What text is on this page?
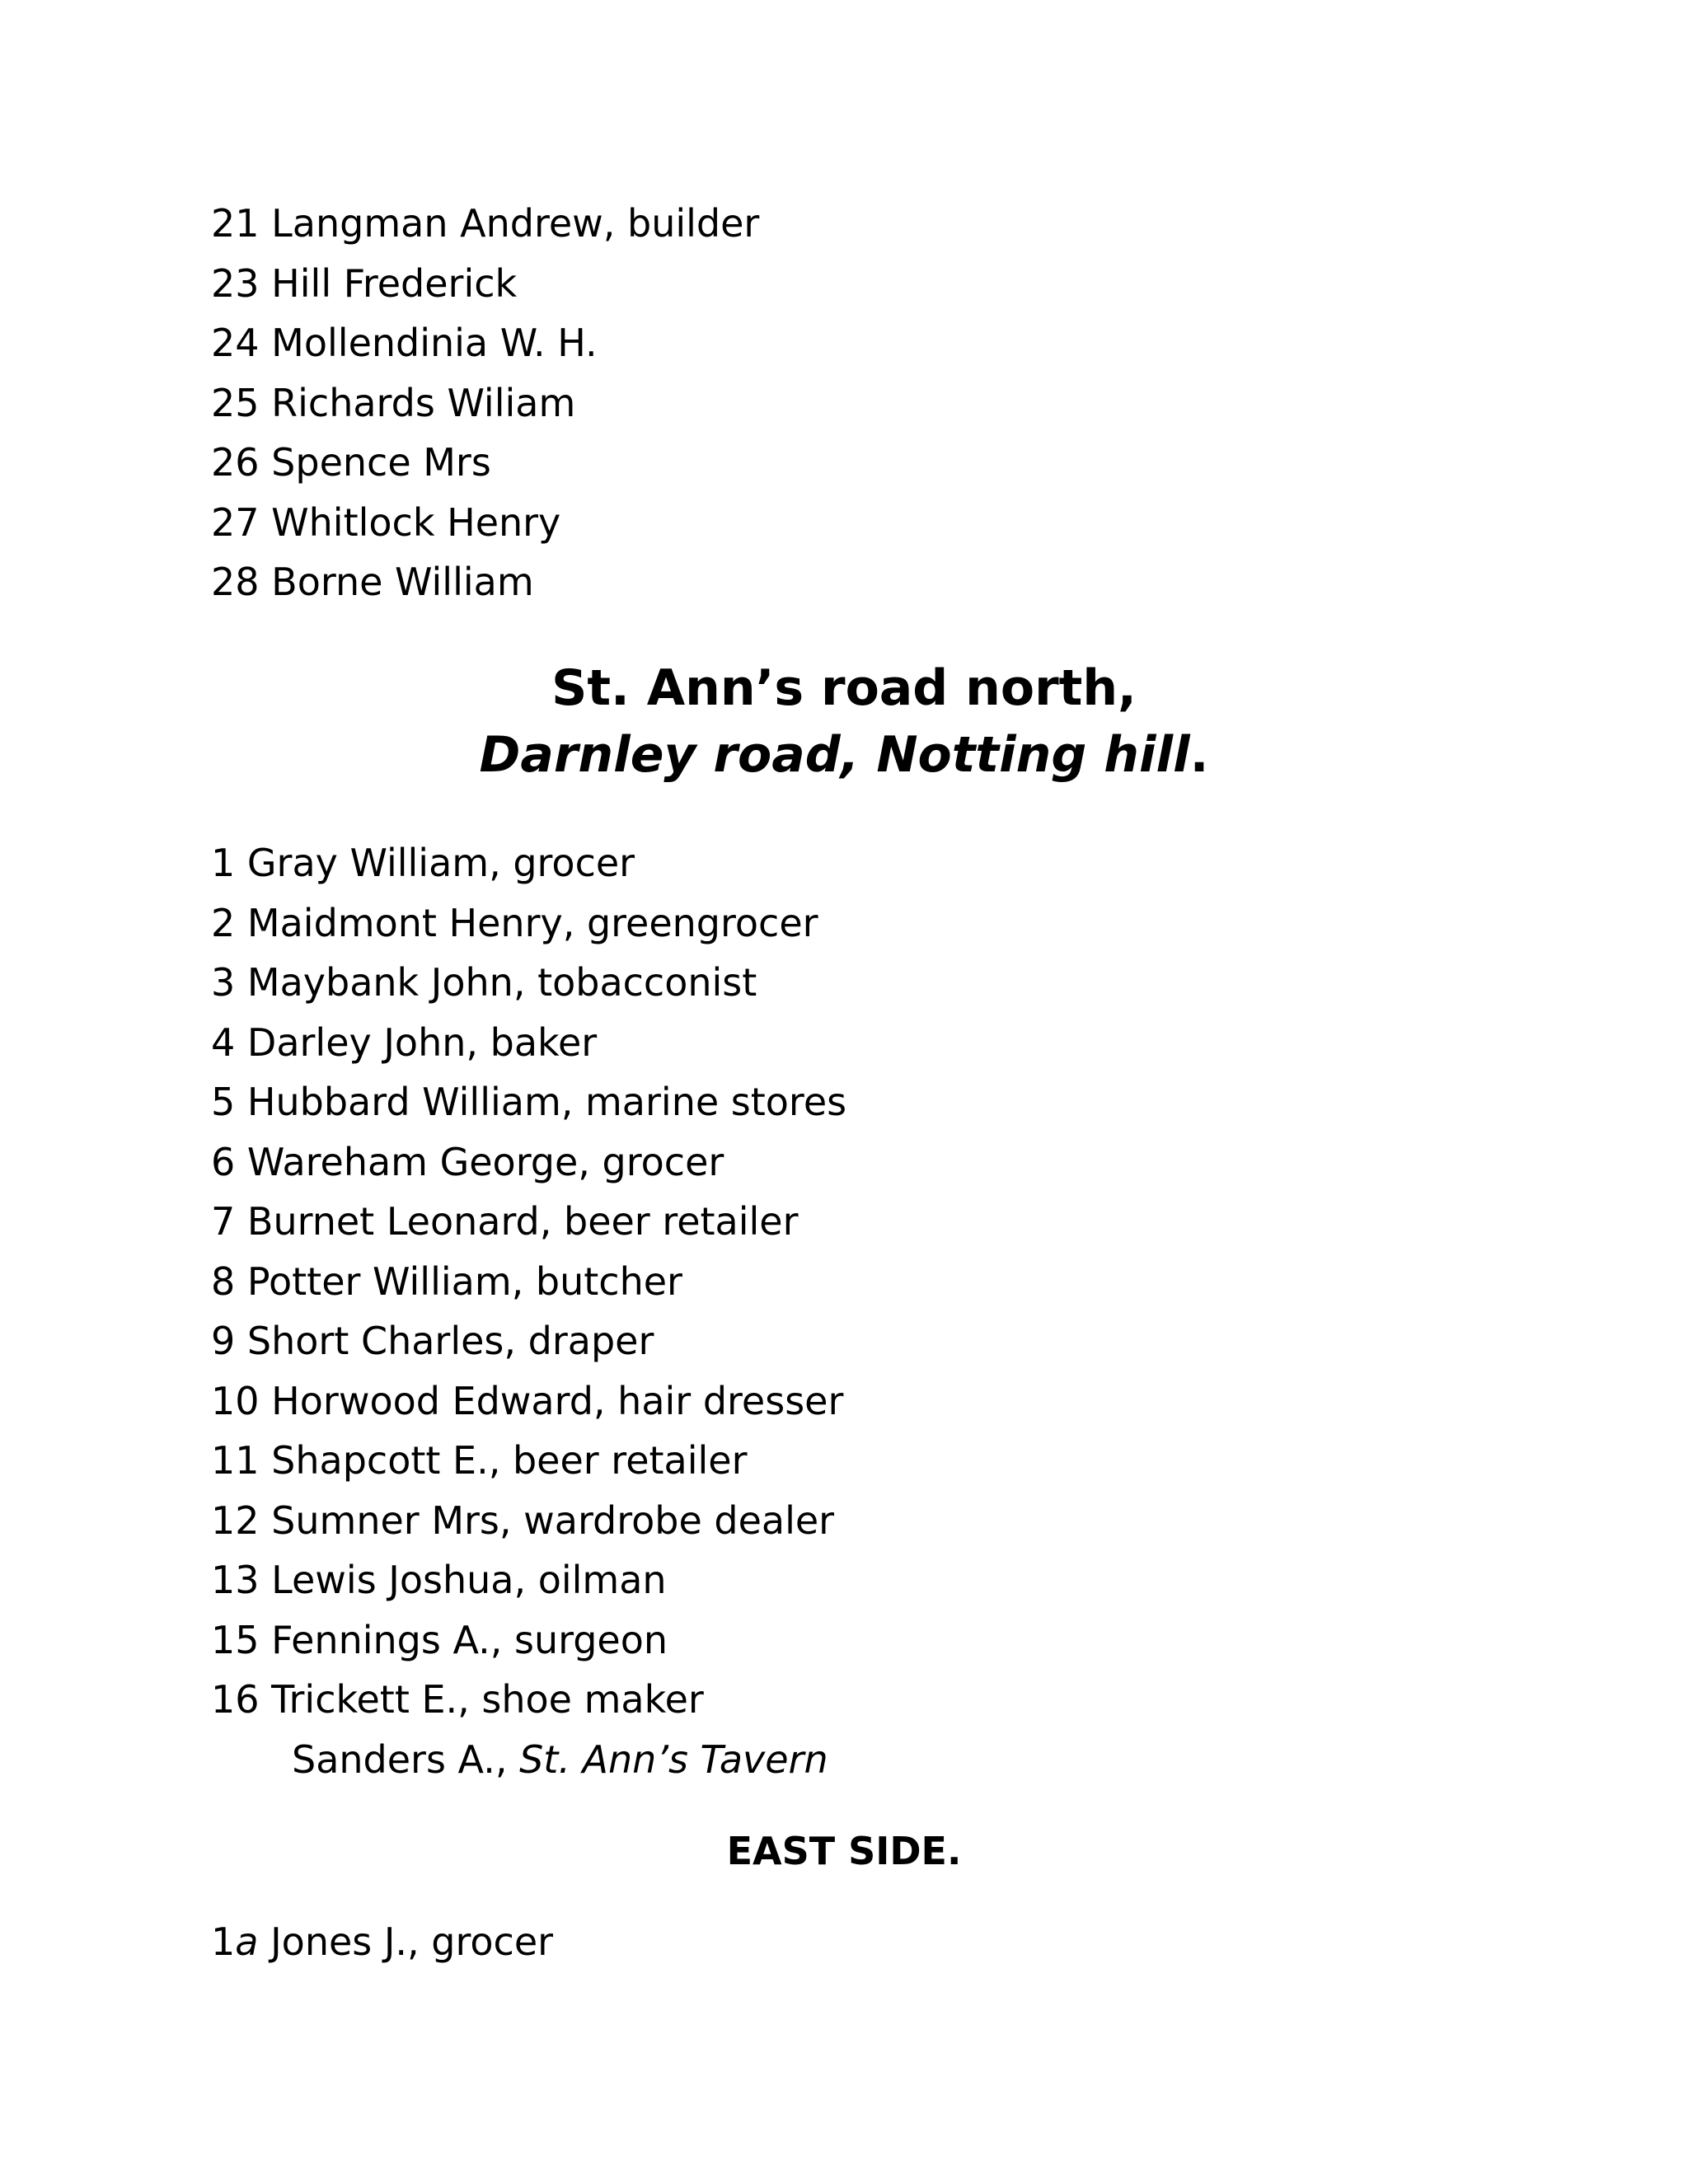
21 Langman Andrew, builder
23 Hill Frederick
24 Mollendinia W. H.
25 Richards Wiliam
26 Spence Mrs
27 Whitlock Henry
28 Borne William
St. Ann’s road north,
Darnley road, Notting hill.
1 Gray William, grocer
2 Maidmont Henry, greengrocer
3 Maybank John, tobacconist
4 Darley John, baker
5 Hubbard William, marine stores
6 Wareham George, grocer
7 Burnet Leonard, beer retailer
8 Potter William, butcher
9 Short Charles, draper
10 Horwood Edward, hair dresser
11 Shapcott E., beer retailer
12 Sumner Mrs, wardrobe dealer
13 Lewis Joshua, oilman
15 Fennings A., surgeon
16 Trickett E., shoe maker
Sanders A., St. Ann’s Tavern
EAST SIDE.
1a Jones J., grocer
